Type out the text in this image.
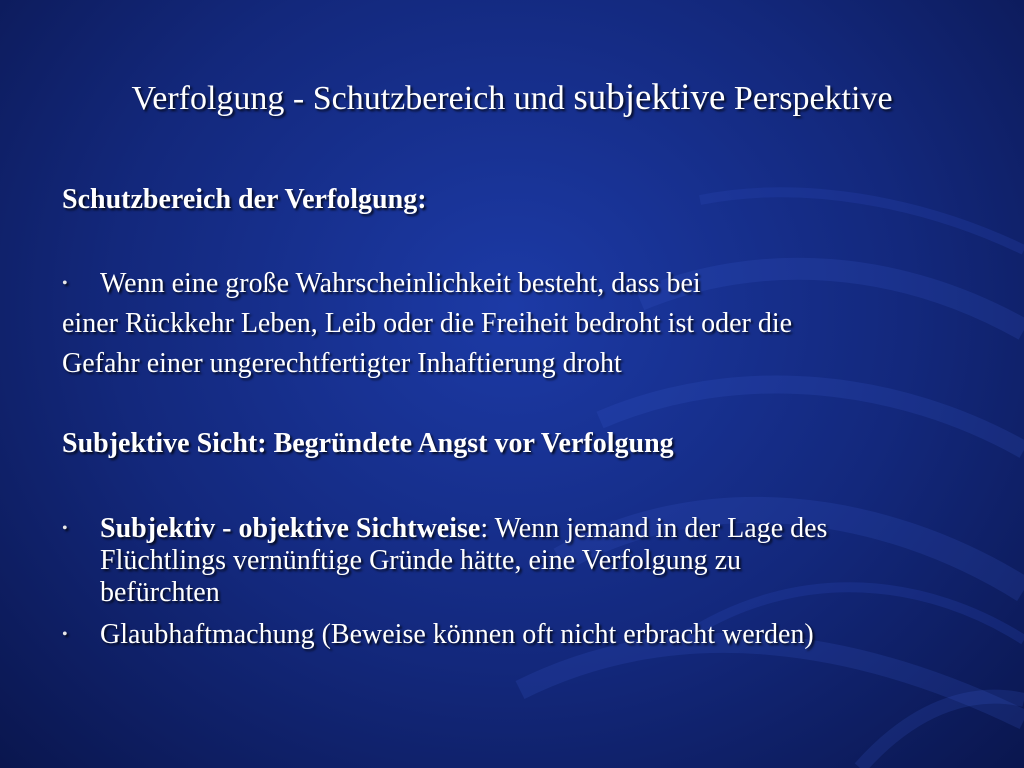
Verfolgung - Schutzbereich und subjektive Perspektive
Schutzbereich der Verfolgung:
• Wenn eine große Wahrscheinlichkeit besteht, dass bei
einer Rückkehr Leben, Leib oder die Freiheit bedroht ist oder die
Gefahr einer ungerechtfertigter Inhaftierung droht
Subjektive Sicht: Begründete Angst vor Verfolgung
• Subjektiv - objektive Sichtweise: Wenn jemand in der Lage des
Flüchtlings vernünftige Gründe hätte, eine Verfolgung zu
befürchten
• Glaubhaftmachung (Beweise können oft nicht erbracht werden)
